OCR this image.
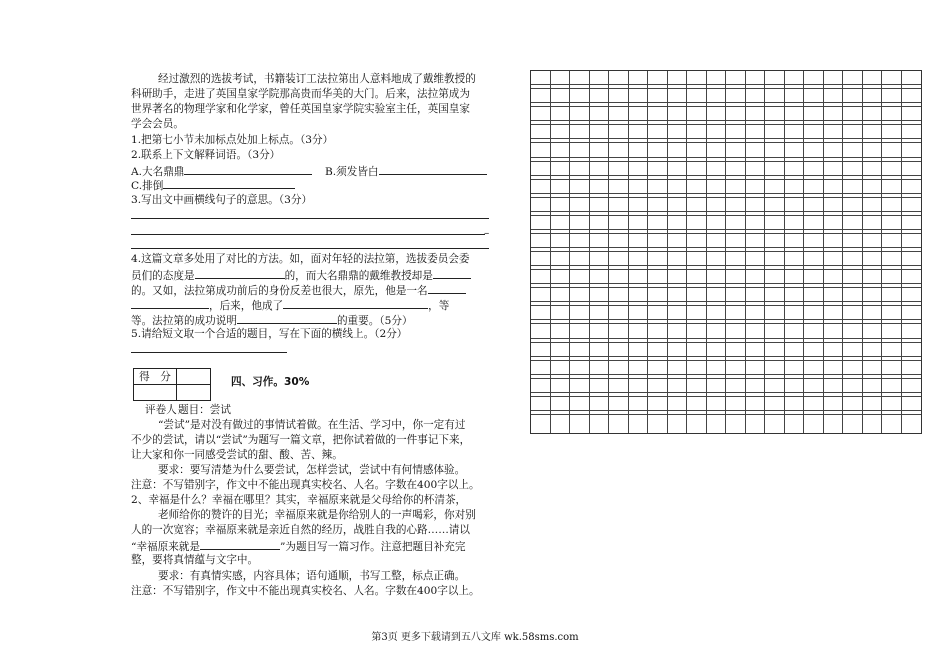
经过激烈的选拔考试，书籍装订工法拉第出人意料地成了戴维教授的
科研助手，走进了英国皇家学院那高贵而华美的大门。后来，法拉第成为
世界著名的物理学家和化学家，曾任英国皇家学院实验室主任，英国皇家
学会会员。
1.把第七小节未加标点处加上标点。（3分）
2.联系上下文解释词语。（3分）
A.大名鼎鼎	B.须发皆白
C.排倒
3.写出文中画横线句子的意思。（3分）
–
4.这篇文章多处用了对比的方法。如，面对年轻的法拉第，选拔委员会委
员们的态度是	的，而大名鼎鼎的戴维教授却是
的。又如，法拉第成功前后的身份反差也很大，原先，他是一名
，后来，他成了	，等
等。法拉第的成功说明	的重要。（5分）
5.请给短文取一个合适的题目，写在下面的横线上。（2分）
得　分	
		四、习作。30%
评卷人 题目：尝试
“尝试”是对没有做过的事情试着做。在生活、学习中，你一定有过
不少的尝试，请以“尝试”为题写一篇文章，把你试着做的一件事记下来，
让大家和你一同感受尝试的甜、酸、苦、辣。
要求：要写清楚为什么要尝试，怎样尝试，尝试中有何情感体验。
注意：不写错别字，作文中不能出现真实校名、人名。字数在400字以上。
2、幸福是什么？幸福在哪里？其实，幸福原来就是父母给你的杯清茶，
老师给你的赞许的目光；幸福原来就是你给别人的一声喝彩，你对别
人的一次宽容；幸福原来就是亲近自然的经历，战胜自我的心路……请以
“幸福原来就是	”为题目写一篇习作。注意把题目补充完
整，要将真情蕴与文字中。
要求：有真情实感，内容具体；语句通顺，书写工整，标点正确。
注意：不写错别字，作文中不能出现真实校名、人名。字数在400字以上。
第3页 更多下载请到五八文库 wk.58sms.com
